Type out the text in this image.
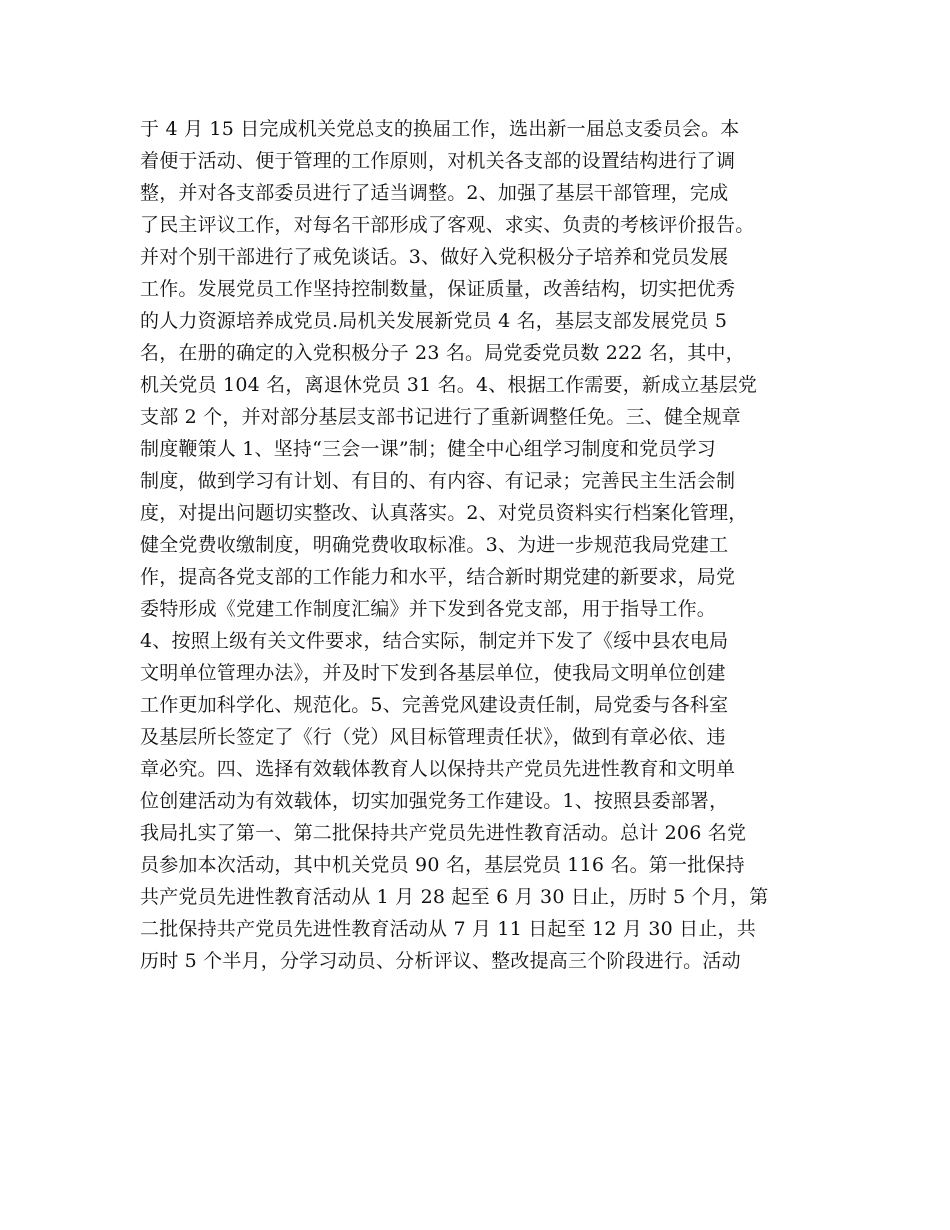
于 4 月 15 日完成机关党总支的换届工作，选出新一届总支委员会。本
着便于活动、便于管理的工作原则，对机关各支部的设置结构进行了调
整，并对各支部委员进行了适当调整。2、加强了基层干部管理，完成
了民主评议工作，对每名干部形成了客观、求实、负责的考核评价报告。
并对个别干部进行了戒免谈话。3、做好入党积极分子培养和党员发展
工作。发展党员工作坚持控制数量，保证质量，改善结构，切实把优秀
的人力资源培养成党员.局机关发展新党员 4 名，基层支部发展党员 5
名，在册的确定的入党积极分子 23 名。局党委党员数 222 名，其中，
机关党员 104 名，离退休党员 31 名。4、根据工作需要，新成立基层党
支部 2 个，并对部分基层支部书记进行了重新调整任免。三、健全规章
制度鞭策人 1、坚持“三会一课”制；健全中心组学习制度和党员学习
制度，做到学习有计划、有目的、有内容、有记录；完善民主生活会制
度，对提出问题切实整改、认真落实。2、对党员资料实行档案化管理，
健全党费收缴制度，明确党费收取标准。3、为进一步规范我局党建工
作，提高各党支部的工作能力和水平，结合新时期党建的新要求，局党
委特形成《党建工作制度汇编》并下发到各党支部，用于指导工作。
4、按照上级有关文件要求，结合实际，制定并下发了《绥中县农电局
文明单位管理办法》，并及时下发到各基层单位，使我局文明单位创建
工作更加科学化、规范化。5、完善党风建设责任制，局党委与各科室
及基层所长签定了《行（党）风目标管理责任状》，做到有章必依、违
章必究。四、选择有效载体教育人以保持共产党员先进性教育和文明单
位创建活动为有效载体，切实加强党务工作建设。1、按照县委部署，
我局扎实了第一、第二批保持共产党员先进性教育活动。总计 206 名党
员参加本次活动，其中机关党员 90 名，基层党员 116 名。第一批保持
共产党员先进性教育活动从 1 月 28 起至 6 月 30 日止，历时 5 个月，第
二批保持共产党员先进性教育活动从 7 月 11 日起至 12 月 30 日止，共
历时 5 个半月，分学习动员、分析评议、整改提高三个阶段进行。活动
